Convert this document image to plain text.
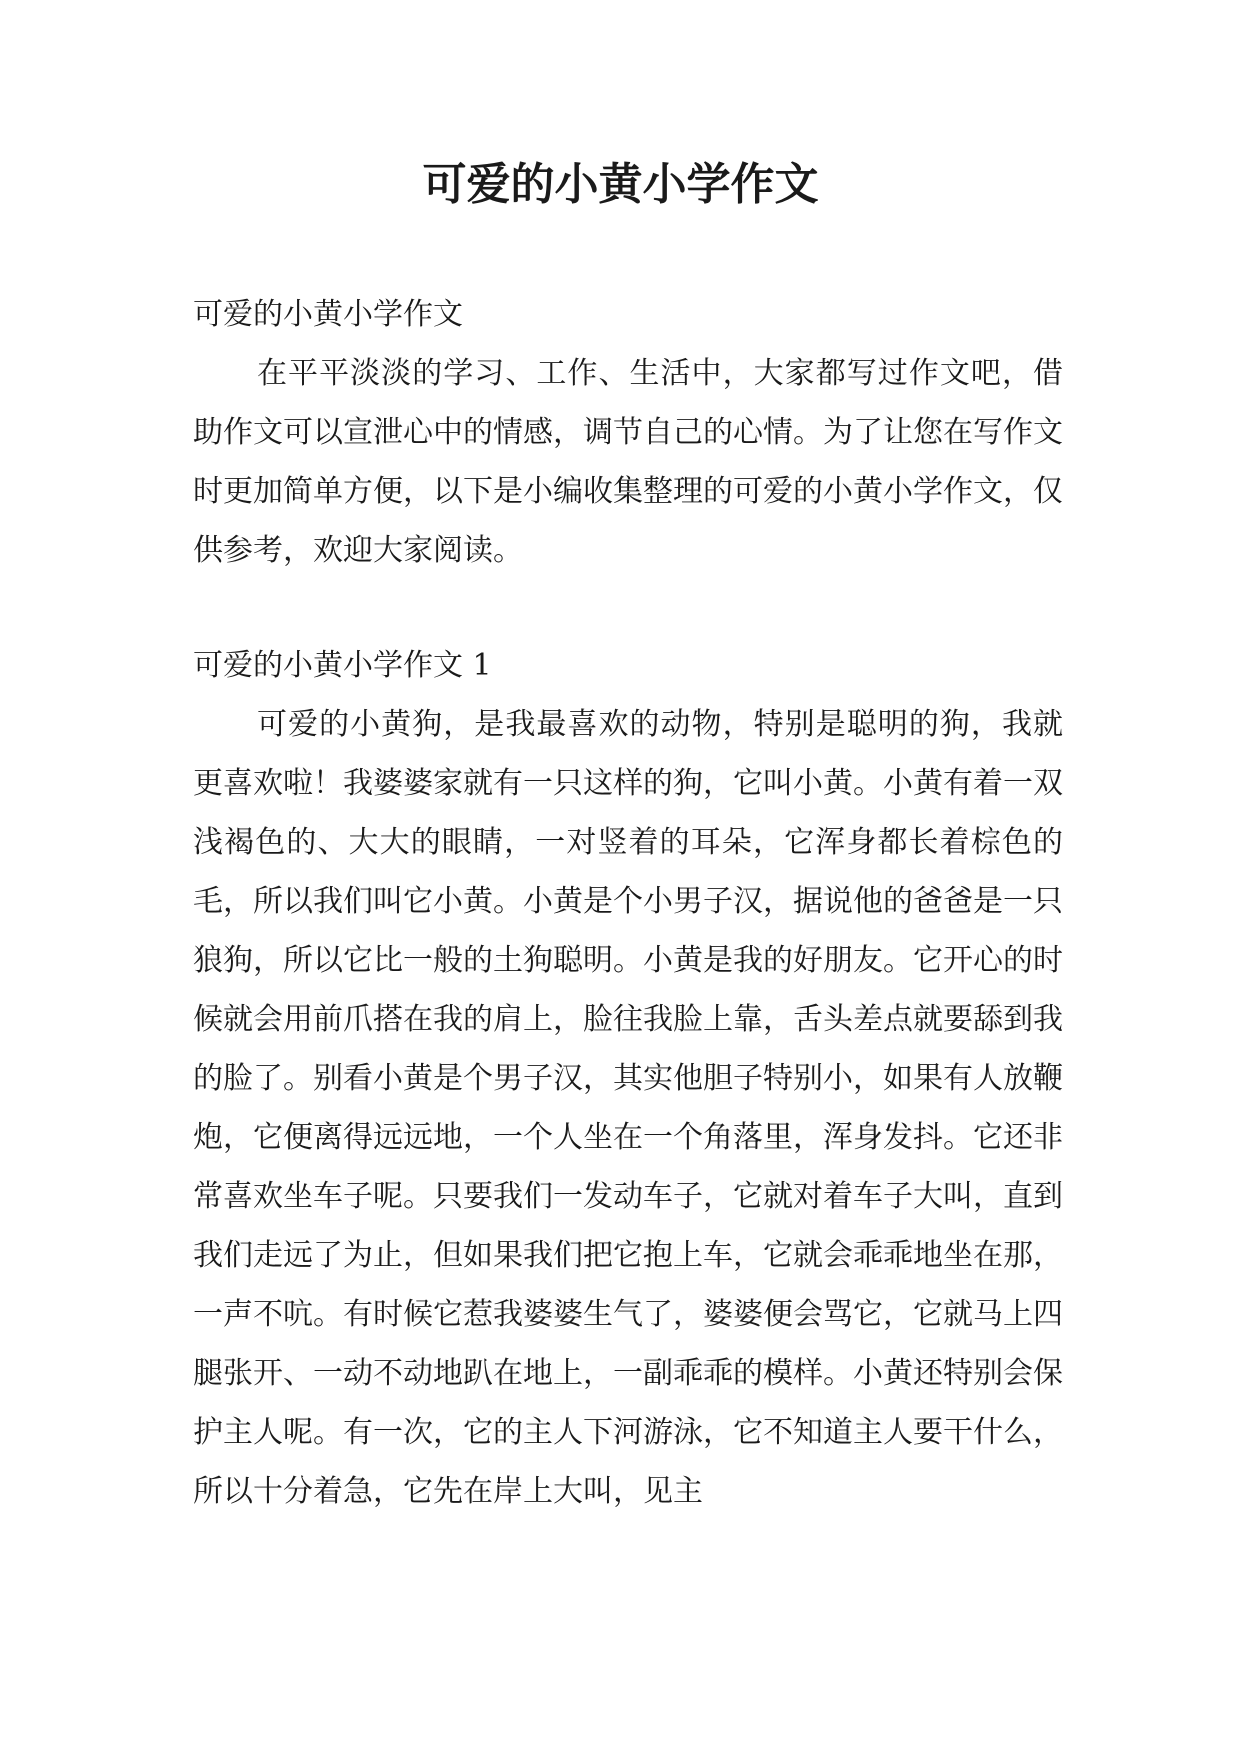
可爱的小黄小学作文
可爱的小黄小学作文

在平平淡淡的学习、工作、生活中，大家都写过作文吧，借助作文可以宣泄心中的情感，调节自己的心情。为了让您在写作文时更加简单方便，以下是小编收集整理的可爱的小黄小学作文，仅供参考，欢迎大家阅读。

可爱的小黄小学作文 1

可爱的小黄狗，是我最喜欢的动物，特别是聪明的狗，我就更喜欢啦！我婆婆家就有一只这样的狗，它叫小黄。小黄有着一双浅褐色的、大大的眼睛，一对竖着的耳朵，它浑身都长着棕色的毛，所以我们叫它小黄。小黄是个小男子汉，据说他的爸爸是一只狼狗，所以它比一般的土狗聪明。小黄是我的好朋友。它开心的时候就会用前爪搭在我的肩上，脸往我脸上靠，舌头差点就要舔到我的脸了。别看小黄是个男子汉，其实他胆子特别小，如果有人放鞭炮，它便离得远远地，一个人坐在一个角落里，浑身发抖。它还非常喜欢坐车子呢。只要我们一发动车子，它就对着车子大叫，直到我们走远了为止，但如果我们把它抱上车，它就会乖乖地坐在那，一声不吭。有时候它惹我婆婆生气了，婆婆便会骂它，它就马上四腿张开、一动不动地趴在地上，一副乖乖的模样。小黄还特别会保护主人呢。有一次，它的主人下河游泳，它不知道主人要干什么，所以十分着急，它先在岸上大叫，见主
